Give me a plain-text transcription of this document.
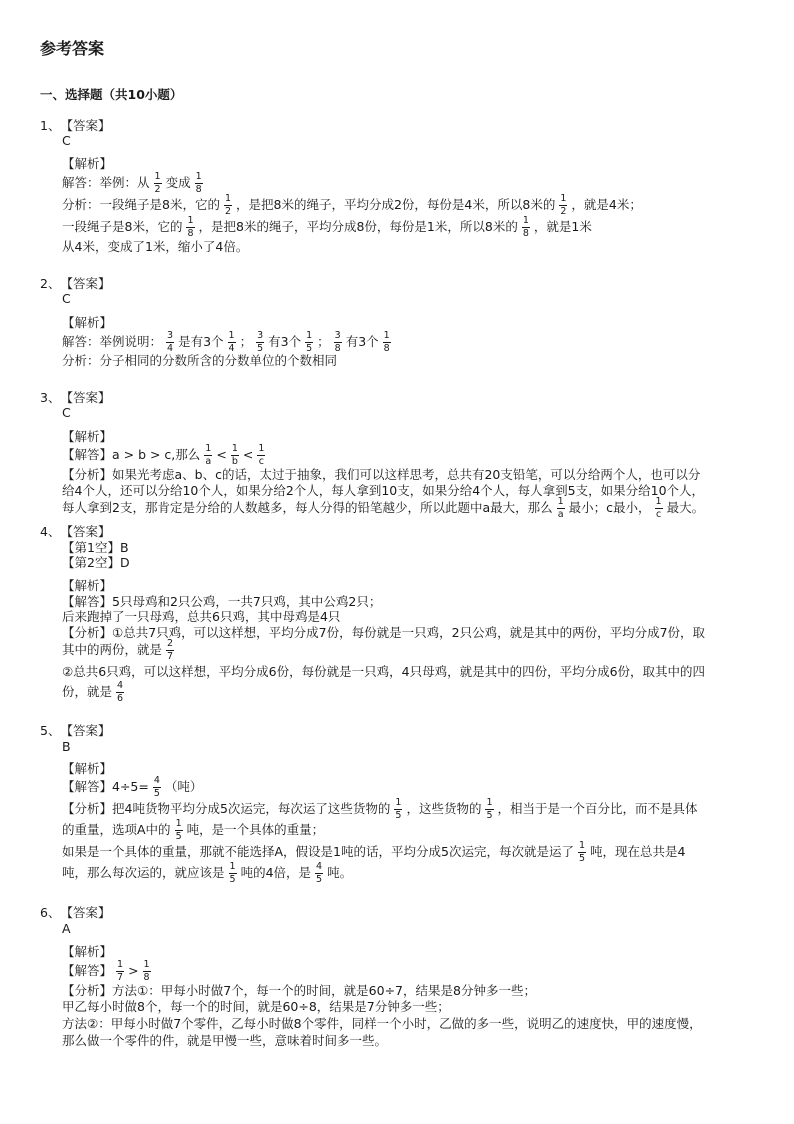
参考答案
一、选择题（共10小题）
1、 【答案】
C
【解析】
解答：举例：从 $\frac{1}{2}$ 变成 $\frac{1}{8}$
分析：一段绳子是8米，它的 $\frac{1}{2}$ ，是把8米的绳子，平均分成2份，每份是4米，所以8米的 $\frac{1}{2}$ ，就是4米；
一段绳子是8米，它的 $\frac{1}{8}$ ，是把8米的绳子，平均分成8份，每份是1米，所以8米的 $\frac{1}{8}$ ，就是1米
从4米，变成了1米，缩小了4倍。
2、 【答案】
C
【解析】
解答：举例说明： $\frac{3}{4}$ 是有3个 $\frac{1}{4}$ ； $\frac{3}{5}$ 有3个 $\frac{1}{5}$ ； $\frac{3}{8}$ 有3个 $\frac{1}{8}$
分析：分子相同的分数所含的分数单位的个数相同
3、 【答案】
C
【解析】
【解答】a > b > c,那么 $\frac{1}{a} < \frac{1}{b} < \frac{1}{c}$
【分析】如果光考虑a、b、c的话，太过于抽象，我们可以这样思考，总共有20支铅笔，可以分给两个人，也可以分
给4个人，还可以分给10个人，如果分给2个人，每人拿到10支，如果分给4个人，每人拿到5支，如果分给10个人，
每人拿到2支，那肯定是分给的人数越多，每人分得的铅笔越少，所以此题中a最大，那么 $\frac{1}{a}$ 最小；c最小， $\frac{1}{c}$ 最大。
4、 【答案】
【第1空】B
【第2空】D
【解析】
【解答】5只母鸡和2只公鸡，一共7只鸡，其中公鸡2只；
后来跑掉了一只母鸡，总共6只鸡，其中母鸡是4只
【分析】①总共7只鸡，可以这样想，平均分成7份，每份就是一只鸡，2只公鸡，就是其中的两份，平均分成7份，取
其中的两份，就是 $\frac{2}{7}$
②总共6只鸡，可以这样想，平均分成6份，每份就是一只鸡，4只母鸡，就是其中的四份，平均分成6份，取其中的四
份，就是 $\frac{4}{6}$
5、 【答案】
B
【解析】
【解答】$4\div 5= \frac{4}{5}$ （吨）
【分析】把4吨货物平均分成5次运完，每次运了这些货物的 $\frac{1}{5}$ ，这些货物的 $\frac{1}{5}$ ，相当于是一个百分比，而不是具体
的重量，选项A中的 $\frac{1}{5}$ 吨，是一个具体的重量；
如果是一个具体的重量，那就不能选择A，假设是1吨的话，平均分成5次运完，每次就是运了 $\frac{1}{5}$ 吨，现在总共是4
吨，那么每次运的，就应该是 $\frac{1}{5}$ 吨的4倍，是 $\frac{4}{5}$ 吨。
6、 【答案】
A
【解析】
【解答】 $\frac{1}{7} > \frac{1}{8}$
【分析】方法①：甲每小时做7个，每一个的时间，就是60÷7，结果是8分钟多一些；
甲乙每小时做8个，每一个的时间，就是60÷8，结果是7分钟多一些；
方法②：甲每小时做7个零件，乙每小时做8个零件，同样一个小时，乙做的多一些，说明乙的速度快，甲的速度慢，
那么做一个零件的件，就是甲慢一些，意味着时间多一些。
